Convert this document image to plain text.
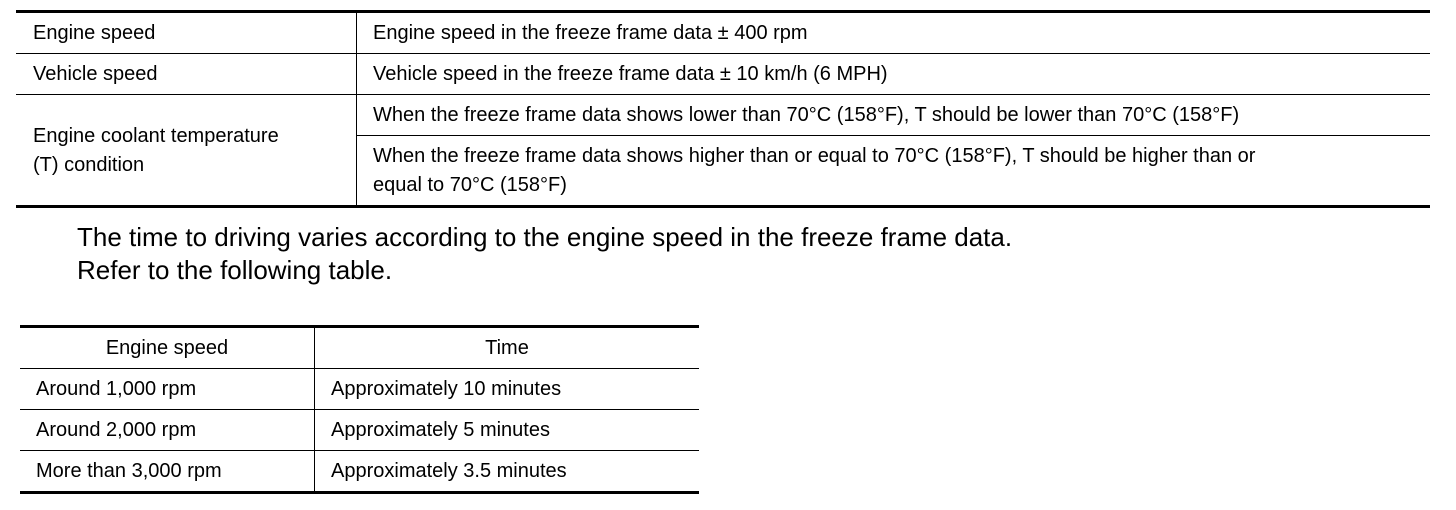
Engine speed	Engine speed in the freeze frame data ± 400 rpm
Vehicle speed	Vehicle speed in the freeze frame data ± 10 km/h (6 MPH)

Engine coolant temperature
(T) condition	When the freeze frame data shows lower than 70°C (158°F), T should be lower than 70°C (158°F)

	When the freeze frame data shows higher than or equal to 70°C (158°F), T should be higher than or
equal to 70°C (158°F)
The time to driving varies according to the engine speed in the freeze frame data.
Refer to the following table.
Engine speed	Time
Around 1,000 rpm	Approximately 10 minutes
Around 2,000 rpm	Approximately 5 minutes
More than 3,000 rpm	Approximately 3.5 minutes
